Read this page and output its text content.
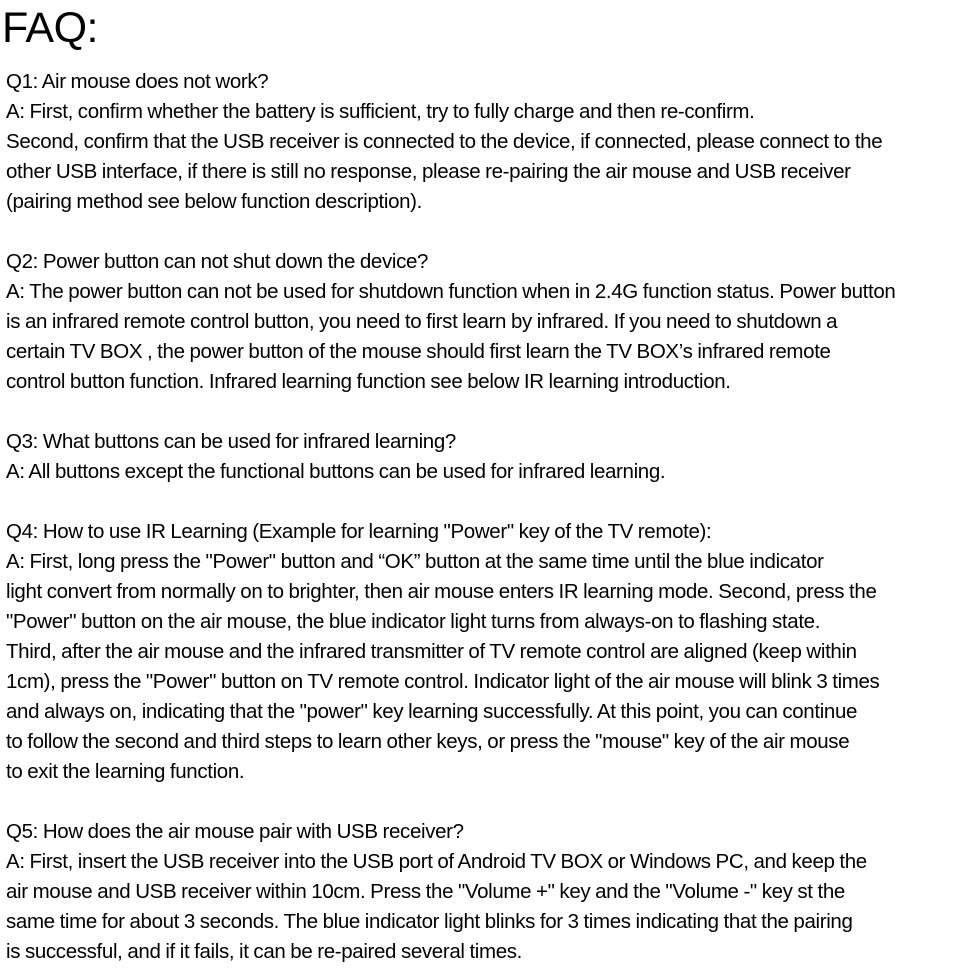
FAQ:
Q1: Air mouse does not work?
A: First, confirm whether the battery is sufficient, try to fully charge and then re-confirm.
Second, confirm that the USB receiver is connected to the device, if connected, please connect to the
other USB interface, if there is still no response, please re-pairing the air mouse and USB receiver
(pairing method see below function description).
Q2: Power button can not shut down the device?
A: The power button can not be used for shutdown function when in 2.4G function status. Power button
is an infrared remote control button, you need to first learn by infrared. If you need to shutdown a
certain TV BOX , the power button of the mouse should first learn the TV BOX’s infrared remote
control button function. Infrared learning function see below IR learning introduction.
Q3: What buttons can be used for infrared learning?
A: All buttons except the functional buttons can be used for infrared learning.
Q4: How to use IR Learning (Example for learning "Power" key of the TV remote):
A: First, long press the "Power" button and “OK” button at the same time until the blue indicator
light convert from normally on to brighter, then air mouse enters IR learning mode. Second, press the
"Power" button on the air mouse, the blue indicator light turns from always-on to flashing state.
Third, after the air mouse and the infrared transmitter of TV remote control are aligned (keep within
1cm), press the "Power" button on TV remote control. Indicator light of the air mouse will blink 3 times
and always on, indicating that the "power" key learning successfully. At this point, you can continue
to follow the second and third steps to learn other keys, or press the "mouse" key of the air mouse
to exit the learning function.
Q5: How does the air mouse pair with USB receiver?
A: First, insert the USB receiver into the USB port of Android TV BOX or Windows PC, and keep the
air mouse and USB receiver within 10cm. Press the "Volume +" key and the "Volume -" key st the
same time for about 3 seconds. The blue indicator light blinks for 3 times indicating that the pairing
is successful, and if it fails, it can be re-paired several times.
